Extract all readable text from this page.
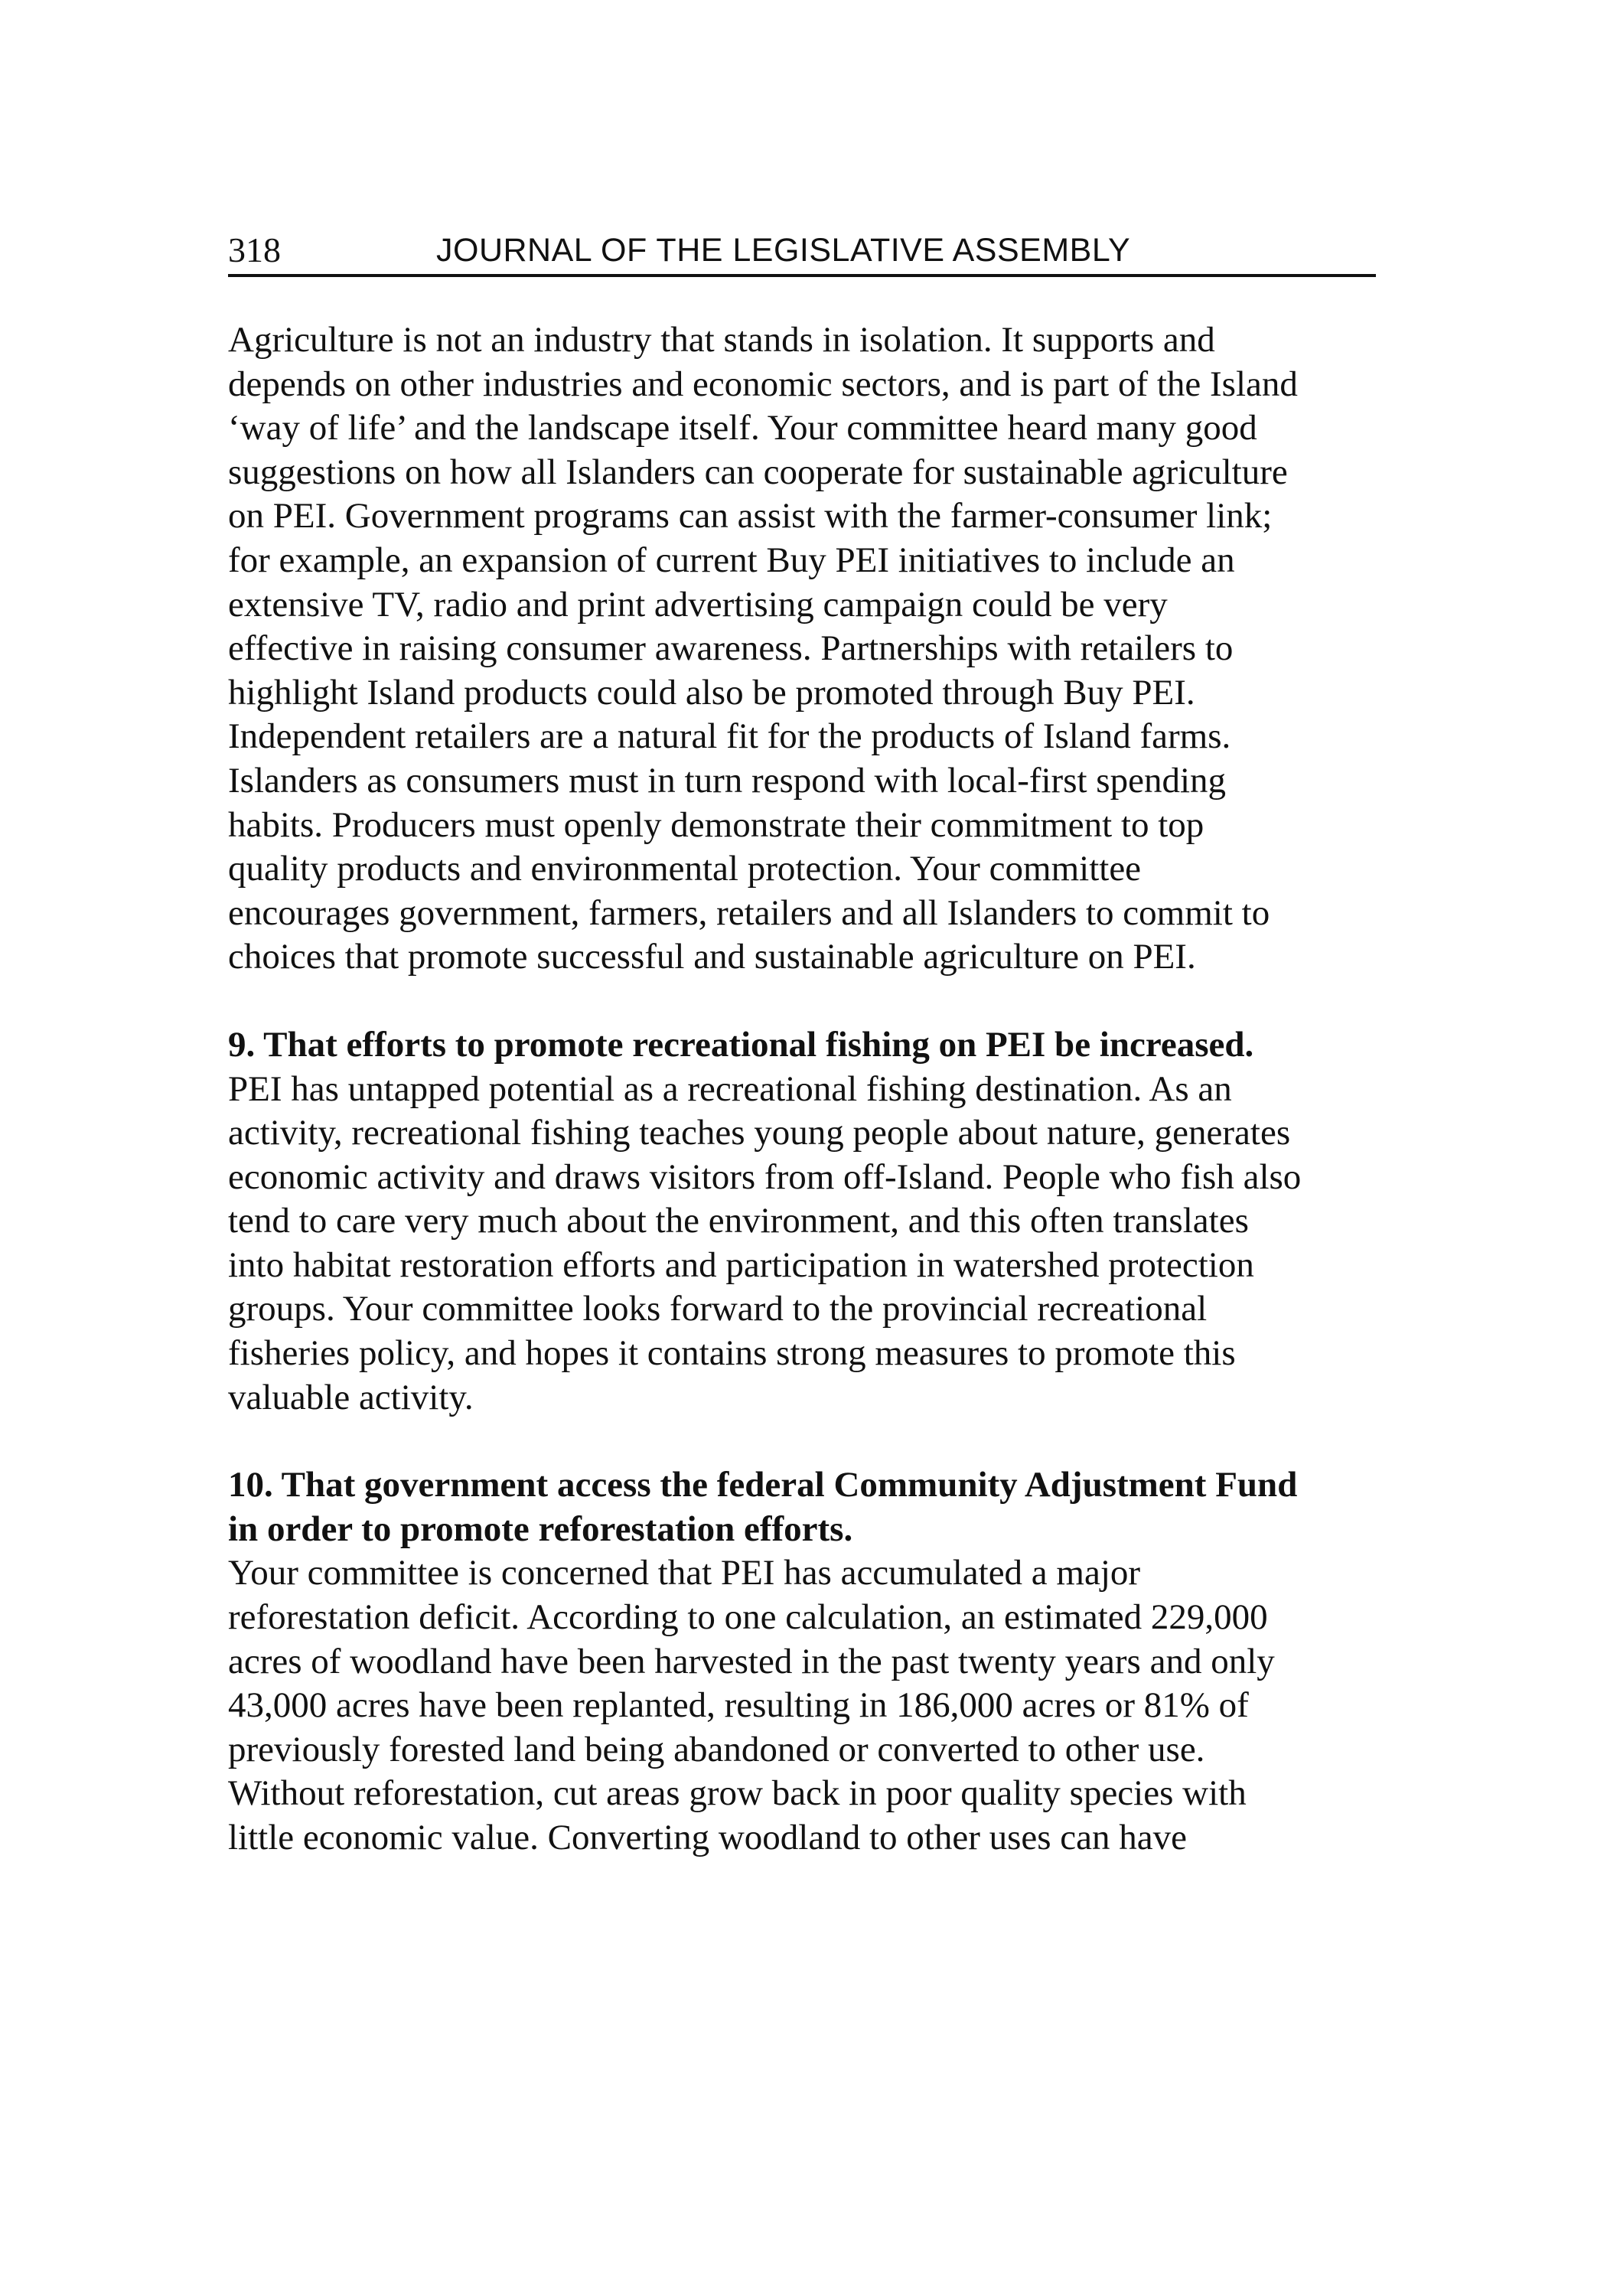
318	JOURNAL OF THE LEGISLATIVE ASSEMBLY
Agriculture is not an industry that stands in isolation. It supports and
depends on other industries and economic sectors, and is part of the Island
‘way of life’ and the landscape itself. Your committee heard many good
suggestions on how all Islanders can cooperate for sustainable agriculture
on PEI. Government programs can assist with the farmer-consumer link;
for example, an expansion of current Buy PEI initiatives to include an
extensive TV, radio and print advertising campaign could be very
effective in raising consumer awareness. Partnerships with retailers to
highlight Island products could also be promoted through Buy PEI.
Independent retailers are a natural fit for the products of Island farms.
Islanders as consumers must in turn respond with local-first spending
habits. Producers must openly demonstrate their commitment to top
quality products and environmental protection. Your committee
encourages government, farmers, retailers and all Islanders to commit to
choices that promote successful and sustainable agriculture on PEI.
9. That efforts to promote recreational fishing on PEI be increased.
PEI has untapped potential as a recreational fishing destination. As an
activity, recreational fishing teaches young people about nature, generates
economic activity and draws visitors from off-Island. People who fish also
tend to care very much about the environment, and this often translates
into habitat restoration efforts and participation in watershed protection
groups. Your committee looks forward to the provincial recreational
fisheries policy, and hopes it contains strong measures to promote this
valuable activity.
10. That government access the federal Community Adjustment Fund
in order to promote reforestation efforts.
Your committee is concerned that PEI has accumulated a major
reforestation deficit. According to one calculation, an estimated 229,000
acres of woodland have been harvested in the past twenty years and only
43,000 acres have been replanted, resulting in 186,000 acres or 81% of
previously forested land being abandoned or converted to other use.
Without reforestation, cut areas grow back in poor quality species with
little economic value. Converting woodland to other uses can have
